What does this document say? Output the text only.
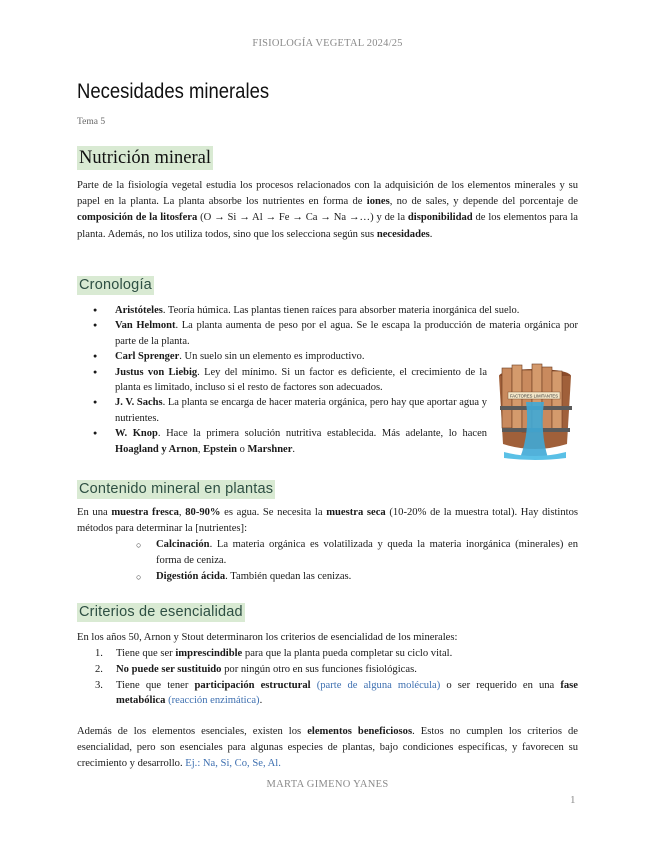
FISIOLOGÍA VEGETAL 2024/25
Necesidades minerales
Tema 5
Nutrición mineral

Parte de la fisiología vegetal estudia los procesos relacionados con la adquisición de los elementos minerales y su papel en la planta. La planta absorbe los nutrientes en forma de iones, no de sales, y depende del porcentaje de composición de la litosfera (O → Si → Al → Fe → Ca → Na →…) y de la disponibilidad de los elementos para la planta. Además, no los utiliza todos, sino que los selecciona según sus necesidades.

Cronología
● Aristóteles. Teoría húmica. Las plantas tienen raíces para absorber materia inorgánica del suelo.
● Van Helmont. La planta aumenta de peso por el agua. Se le escapa la producción de materia orgánica por parte de la planta.
● Carl Sprenger. Un suelo sin un elemento es improductivo.
● Justus von Liebig. Ley del mínimo. Si un factor es deficiente, el crecimiento de la planta es limitado, incluso si el resto de factores son adecuados.
● J. V. Sachs. La planta se encarga de hacer materia orgánica, pero hay que aportar agua y nutrientes.
● W. Knop. Hace la primera solución nutritiva establecida. Más adelante, lo hacen Hoagland y Arnon, Epstein o Marshner.
FACTORES LIMITANTES
Contenido mineral en plantas

En una muestra fresca, 80-90% es agua. Se necesita la muestra seca (10-20% de la muestra total). Hay distintos métodos para determinar la [nutrientes]:

○ Calcinación. La materia orgánica es volatilizada y queda la materia inorgánica (minerales) en forma de ceniza.
○ Digestión ácida. También quedan las cenizas.
Criterios de esencialidad

En los años 50, Arnon y Stout determinaron los criterios de esencialidad de los minerales:

1. Tiene que ser imprescindible para que la planta pueda completar su ciclo vital.
2. No puede ser sustituido por ningún otro en sus funciones fisiológicas.
3. Tiene que tener participación estructural (parte de alguna molécula) o ser requerido en una fase metabólica (reacción enzimática).

Además de los elementos esenciales, existen los elementos beneficiosos. Estos no cumplen los criterios de esencialidad, pero son esenciales para algunas especies de plantas, bajo condiciones específicas, y favorecen su crecimiento y desarrollo. Ej.: Na, Si, Co, Se, Al.

MARTA GIMENO YANES
1
